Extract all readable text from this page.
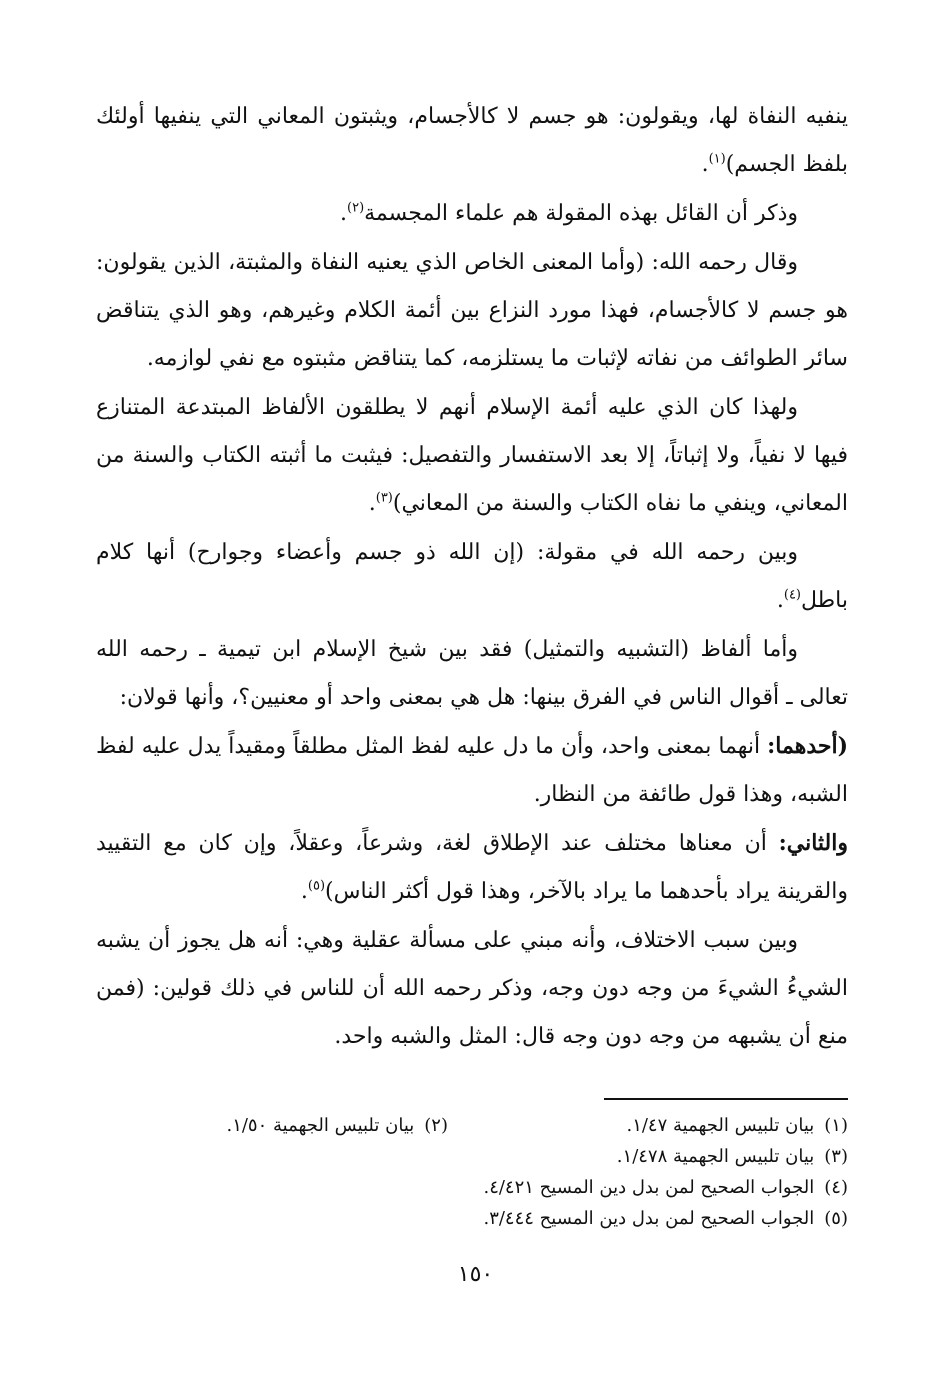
ينفيه النفاة لها، ويقولون: هو جسم لا كالأجسام، ويثبتون المعاني التي ينفيها أولئك بلفظ الجسم)$^{(١)}$.

وذكر أن القائل بهذه المقولة هم علماء المجسمة$^{(٢)}$.

وقال رحمه الله: (وأما المعنى الخاص الذي يعنيه النفاة والمثبتة، الذين يقولون: هو جسم لا كالأجسام، فهذا مورد النزاع بين أئمة الكلام وغيرهم، وهو الذي يتناقض سائر الطوائف من نفاته لإثبات ما يستلزمه، كما يتناقض مثبتوه مع نفي لوازمه.

ولهذا كان الذي عليه أئمة الإسلام أنهم لا يطلقون الألفاظ المبتدعة المتنازع فيها لا نفياً، ولا إثباتاً، إلا بعد الاستفسار والتفصيل: فيثبت ما أثبته الكتاب والسنة من المعاني، وينفي ما نفاه الكتاب والسنة من المعاني)$^{(٣)}$.

وبين رحمه الله في مقولة: (إن الله ذو جسم وأعضاء وجوارح) أنها كلام باطل$^{(٤)}$.

وأما ألفاظ (التشبيه والتمثيل) فقد بين شيخ الإسلام ابن تيمية ـ رحمه الله تعالى ـ أقوال الناس في الفرق بينها: هل هي بمعنى واحد أو معنيين؟، وأنها قولان:

(أحدهما: أنهما بمعنى واحد، وأن ما دل عليه لفظ المثل مطلقاً ومقيداً يدل عليه لفظ الشبه، وهذا قول طائفة من النظار.

والثاني: أن معناها مختلف عند الإطلاق لغة، وشرعاً، وعقلاً، وإن كان مع التقييد والقرينة يراد بأحدهما ما يراد بالآخر، وهذا قول أكثر الناس)$^{(٥)}$.

وبين سبب الاختلاف، وأنه مبني على مسألة عقلية وهي: أنه هل يجوز أن يشبه الشيءُ الشيءَ من وجه دون وجه، وذكر رحمه الله أن للناس في ذلك قولين: (فمن منع أن يشبهه من وجه دون وجه قال: المثل والشبه واحد.

(١)بيان تلبيس الجهمية ١/٤٧.
(٢)بيان تلبيس الجهمية ١/٥٠.
(٣)بيان تلبيس الجهمية ١/٤٧٨.
(٤)الجواب الصحيح لمن بدل دين المسيح ٤/٤٢١.
(٥)الجواب الصحيح لمن بدل دين المسيح ٣/٤٤٤.
١٥٠
